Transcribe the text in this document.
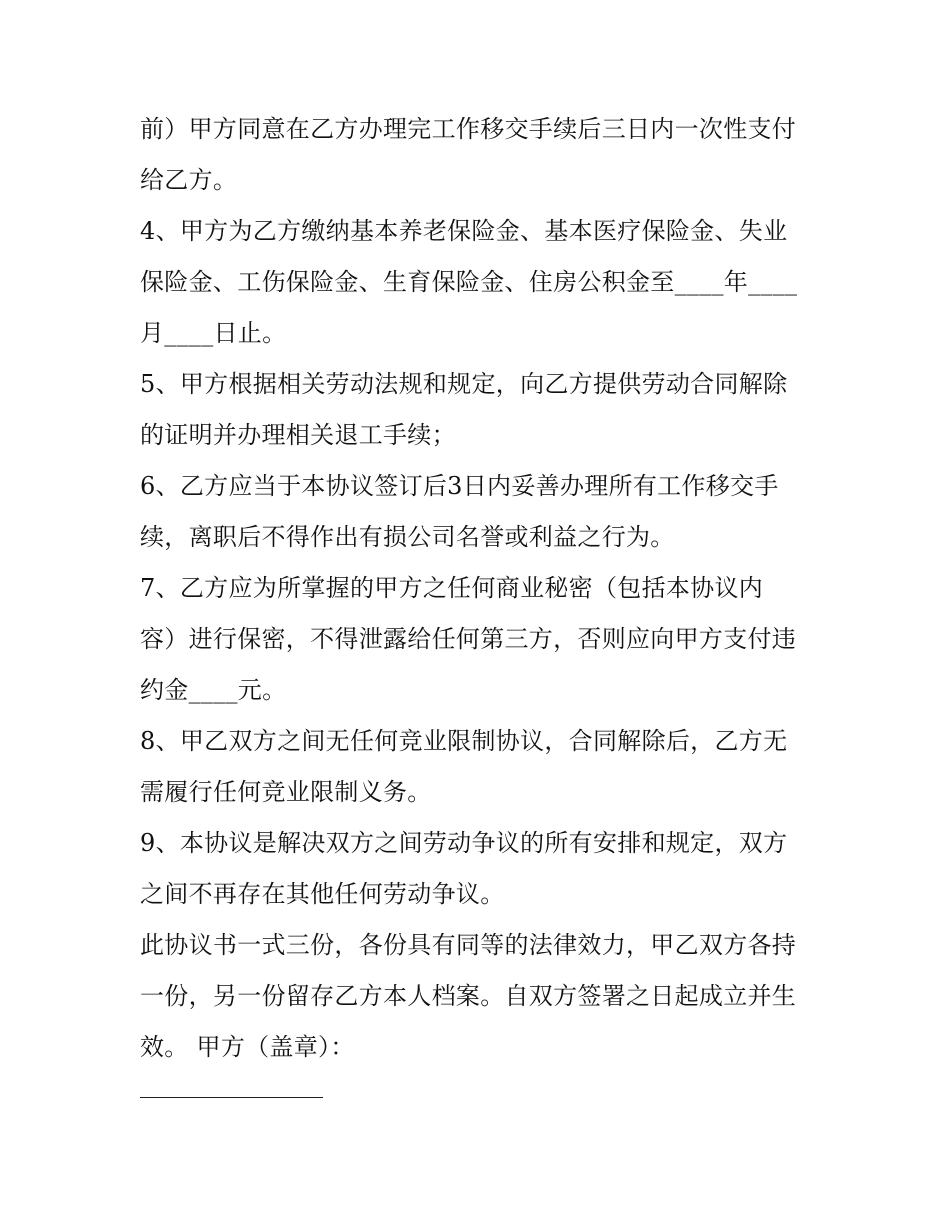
前）甲方同意在乙方办理完工作移交手续后三日内一次性支付
给乙方。
4、甲方为乙方缴纳基本养老保险金、基本医疗保险金、失业
保险金、工伤保险金、生育保险金、住房公积金至____年____
月____日止。
5、甲方根据相关劳动法规和规定，向乙方提供劳动合同解除
的证明并办理相关退工手续；
6、乙方应当于本协议签订后3日内妥善办理所有工作移交手
续，离职后不得作出有损公司名誉或利益之行为。
7、乙方应为所掌握的甲方之任何商业秘密（包括本协议内
容）进行保密，不得泄露给任何第三方，否则应向甲方支付违
约金____元。
8、甲乙双方之间无任何竞业限制协议，合同解除后，乙方无
需履行任何竞业限制义务。
9、本协议是解决双方之间劳动争议的所有安排和规定，双方
之间不再存在其他任何劳动争议。
此协议书一式三份，各份具有同等的法律效力，甲乙双方各持
一份，另一份留存乙方本人档案。自双方签署之日起成立并生
效。 甲方（盖章）：
